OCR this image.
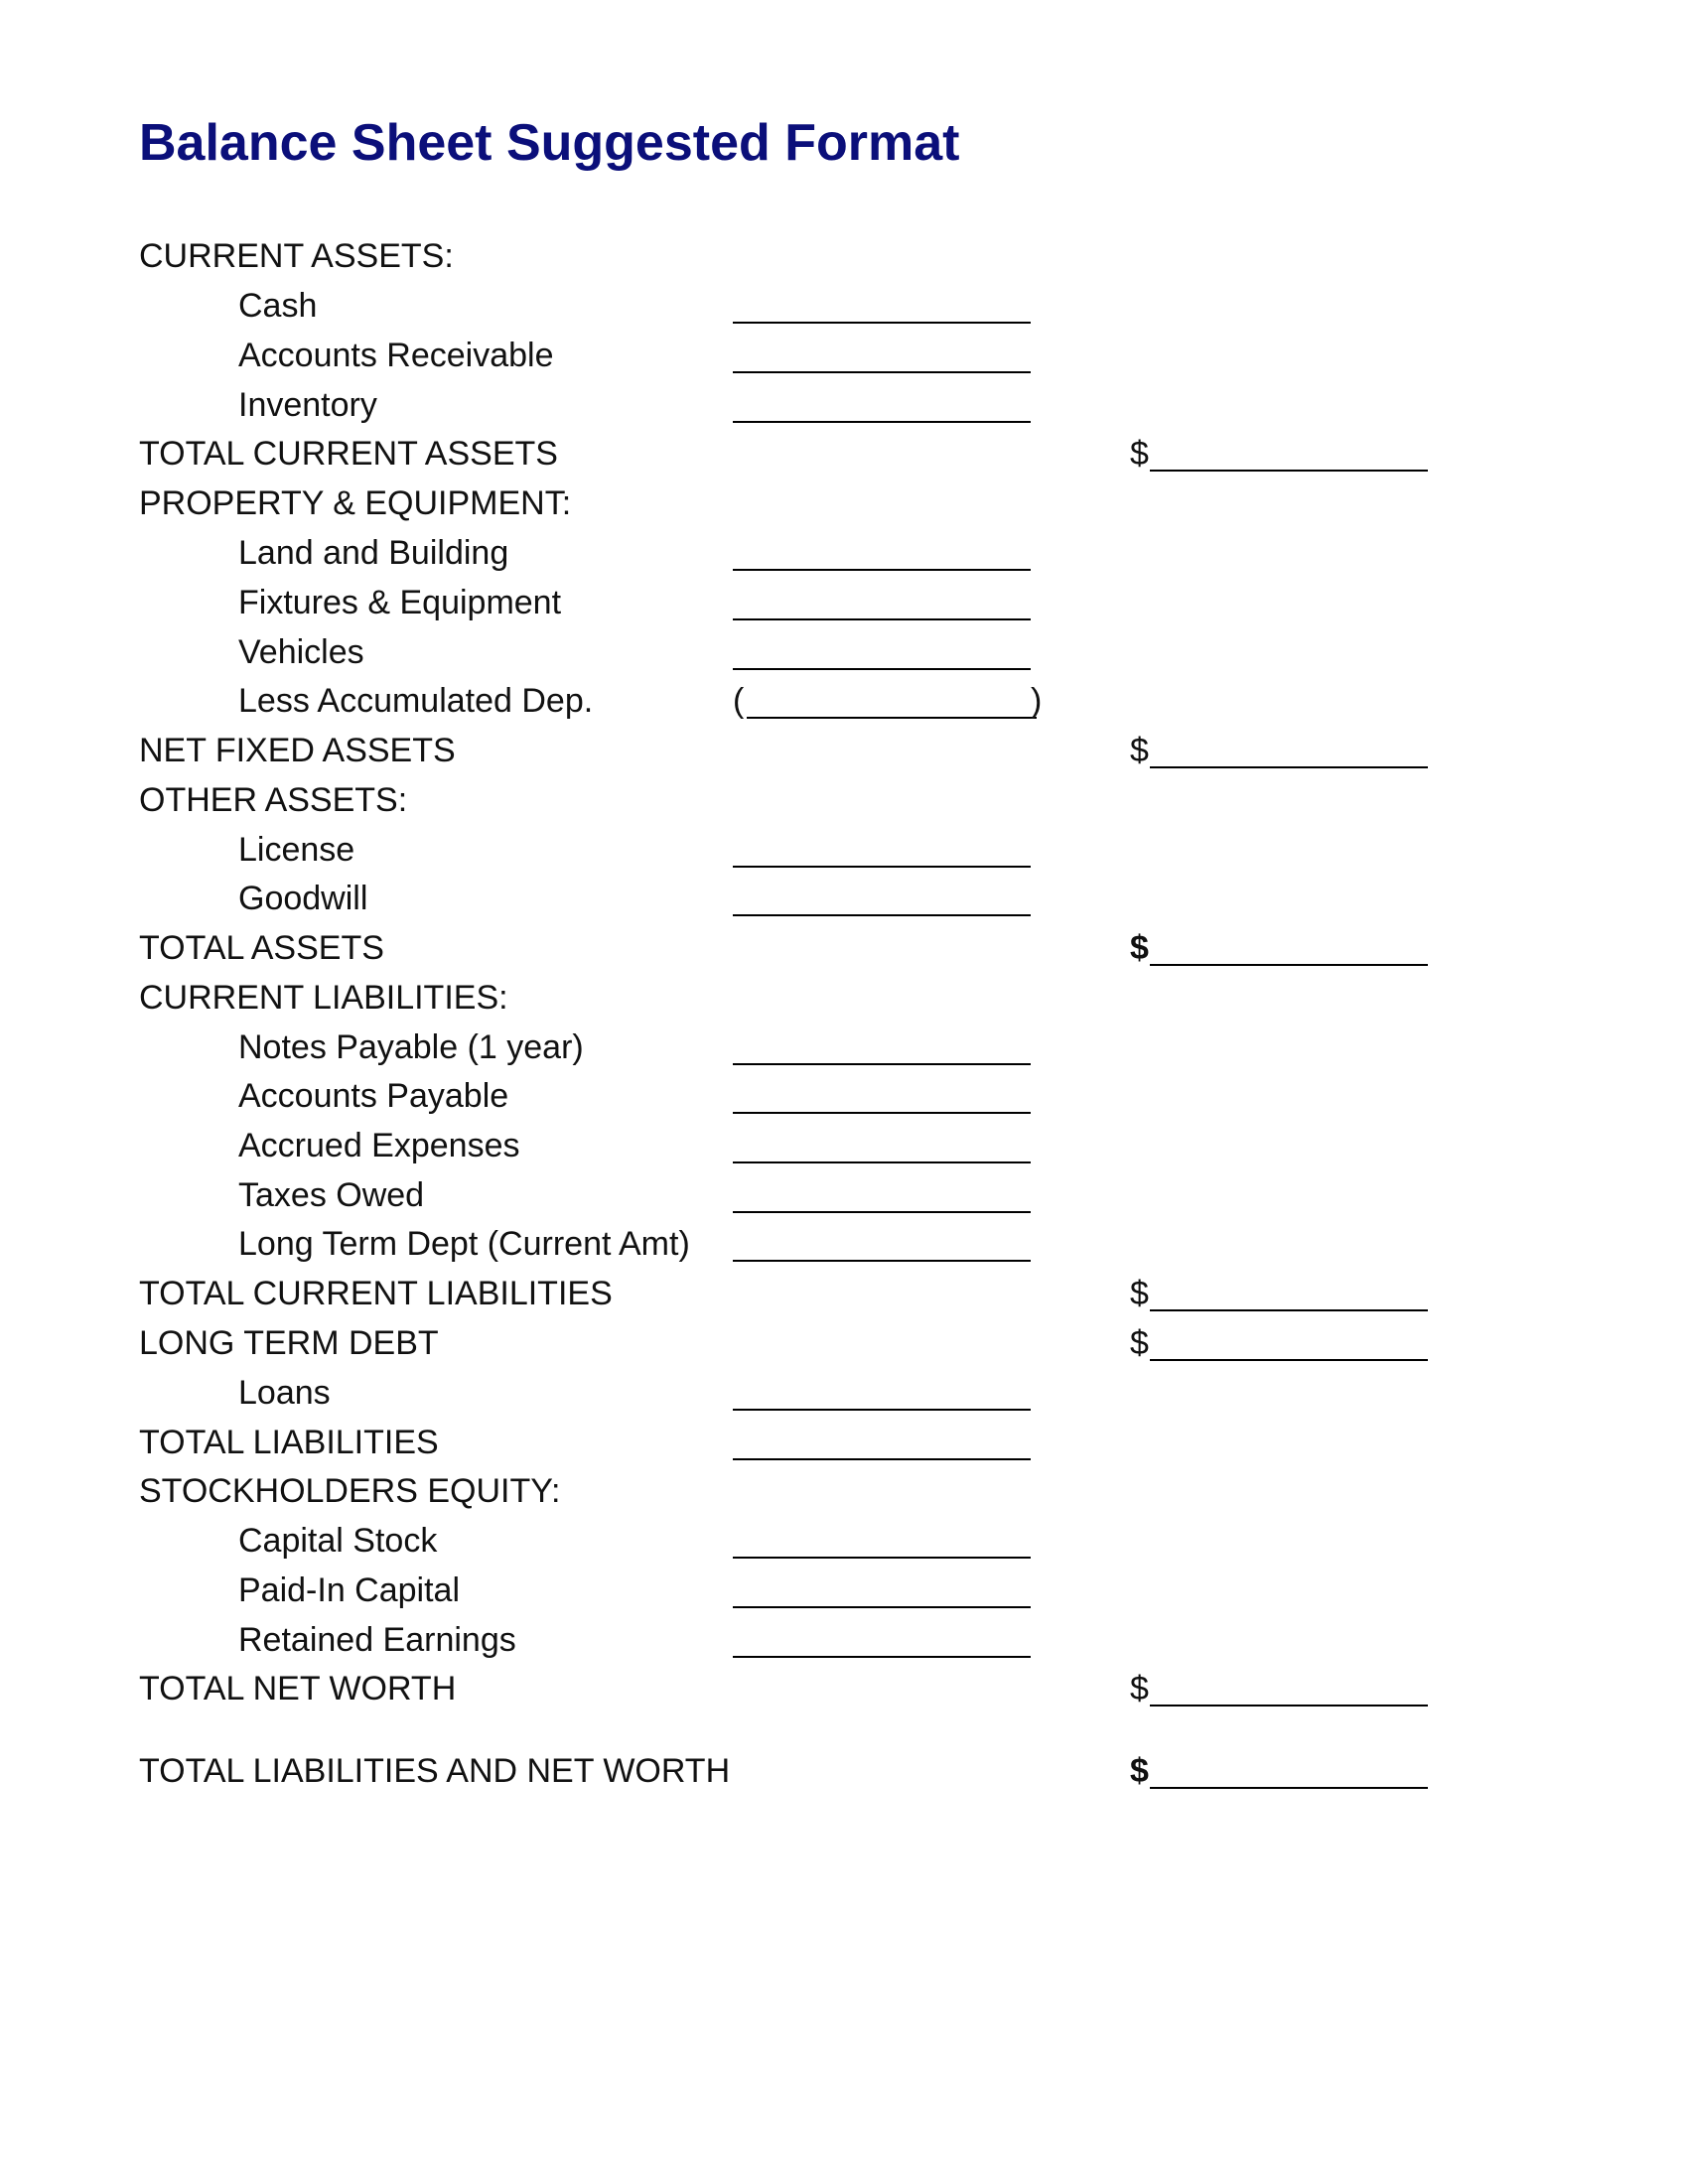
Balance Sheet Suggested Format
CURRENT ASSETS:
Cash
Accounts Receivable
Inventory
TOTAL CURRENT ASSETS	$
PROPERTY & EQUIPMENT:
Land and Building
Fixtures & Equipment
Vehicles
Less Accumulated Dep.	(	)
NET FIXED ASSETS	$
OTHER ASSETS:
License
Goodwill
TOTAL ASSETS	$
CURRENT LIABILITIES:
Notes Payable (1 year)
Accounts Payable
Accrued Expenses
Taxes Owed
Long Term Dept (Current Amt)
TOTAL CURRENT LIABILITIES	$
LONG TERM DEBT	$
Loans
TOTAL LIABILITIES
STOCKHOLDERS EQUITY:
Capital Stock
Paid-In Capital
Retained Earnings
TOTAL NET WORTH	$
TOTAL LIABILITIES AND NET WORTH	$
